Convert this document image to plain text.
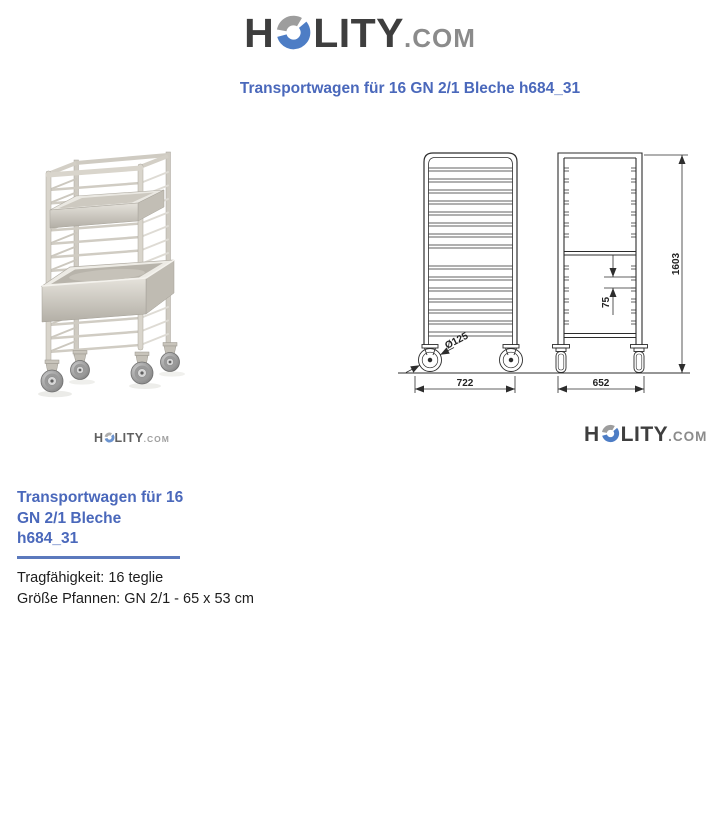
H LITY.COM
Transportwagen für 16 GN 2/1 Bleche h684_31
H LITY.COM
722	652
1603
75
Ø125
H LITY.COM
Transportwagen für 16
GN 2/1 Bleche
h684_31
Tragfähigkeit: 16 teglie
Größe Pfannen: GN 2/1 - 65 x 53 cm
